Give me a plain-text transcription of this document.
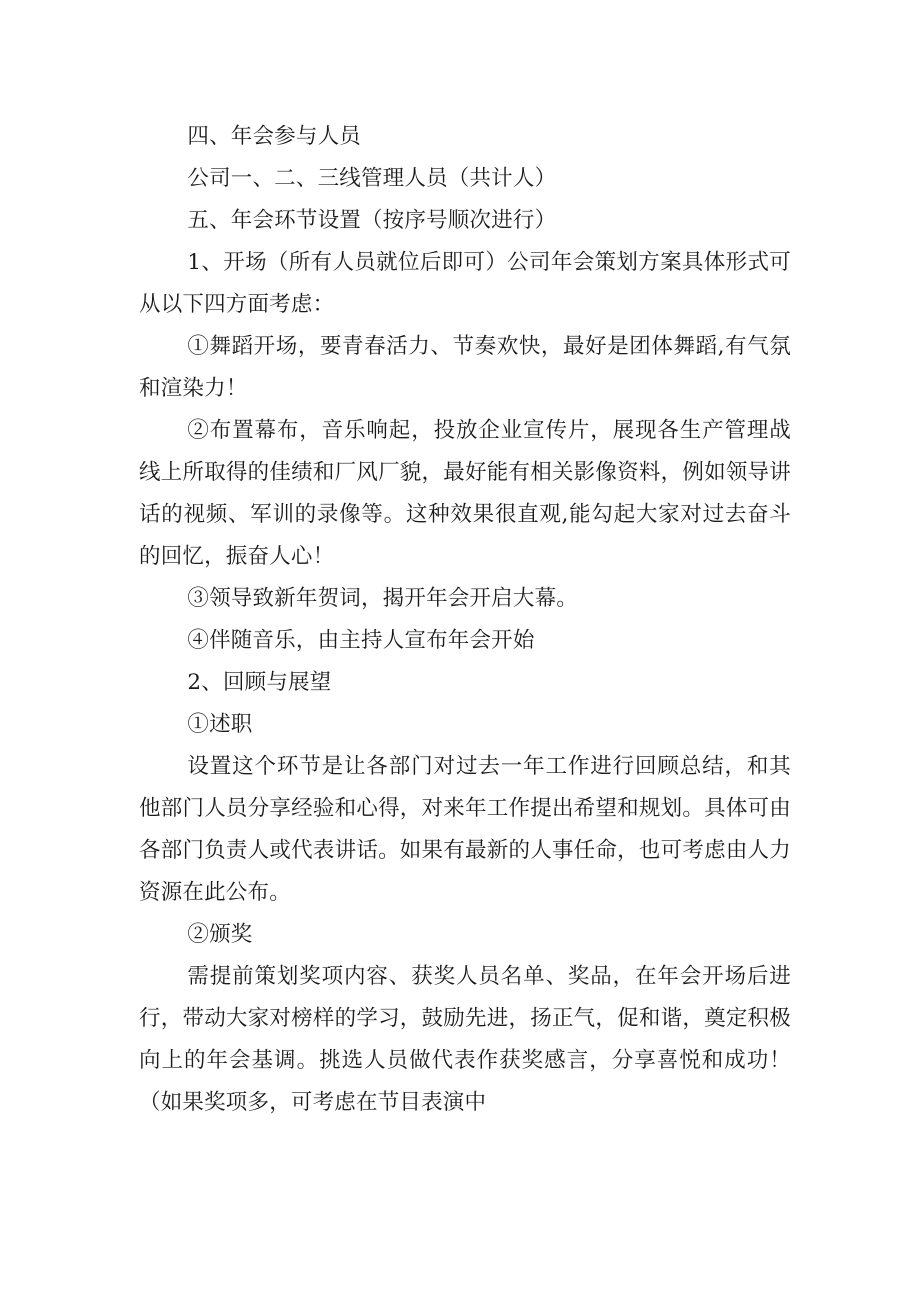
四、年会参与人员

公司一、二、三线管理人员（共计人）

五、年会环节设置（按序号顺次进行）

1、开场（所有人员就位后即可）公司年会策划方案具体形式可从以下四方面考虑：

①舞蹈开场，要青春活力、节奏欢快，最好是团体舞蹈,有气氛和渲染力！

②布置幕布，音乐响起，投放企业宣传片，展现各生产管理战线上所取得的佳绩和厂风厂貌，最好能有相关影像资料，例如领导讲话的视频、军训的录像等。这种效果很直观,能勾起大家对过去奋斗的回忆，振奋人心！

③领导致新年贺词，揭开年会开启大幕。

④伴随音乐，由主持人宣布年会开始

2、回顾与展望

①述职

设置这个环节是让各部门对过去一年工作进行回顾总结，和其他部门人员分享经验和心得，对来年工作提出希望和规划。具体可由各部门负责人或代表讲话。如果有最新的人事任命，也可考虑由人力资源在此公布。

②颁奖

需提前策划奖项内容、获奖人员名单、奖品，在年会开场后进行，带动大家对榜样的学习，鼓励先进，扬正气，促和谐，奠定积极向上的年会基调。挑选人员做代表作获奖感言，分享喜悦和成功！（如果奖项多，可考虑在节目表演中
